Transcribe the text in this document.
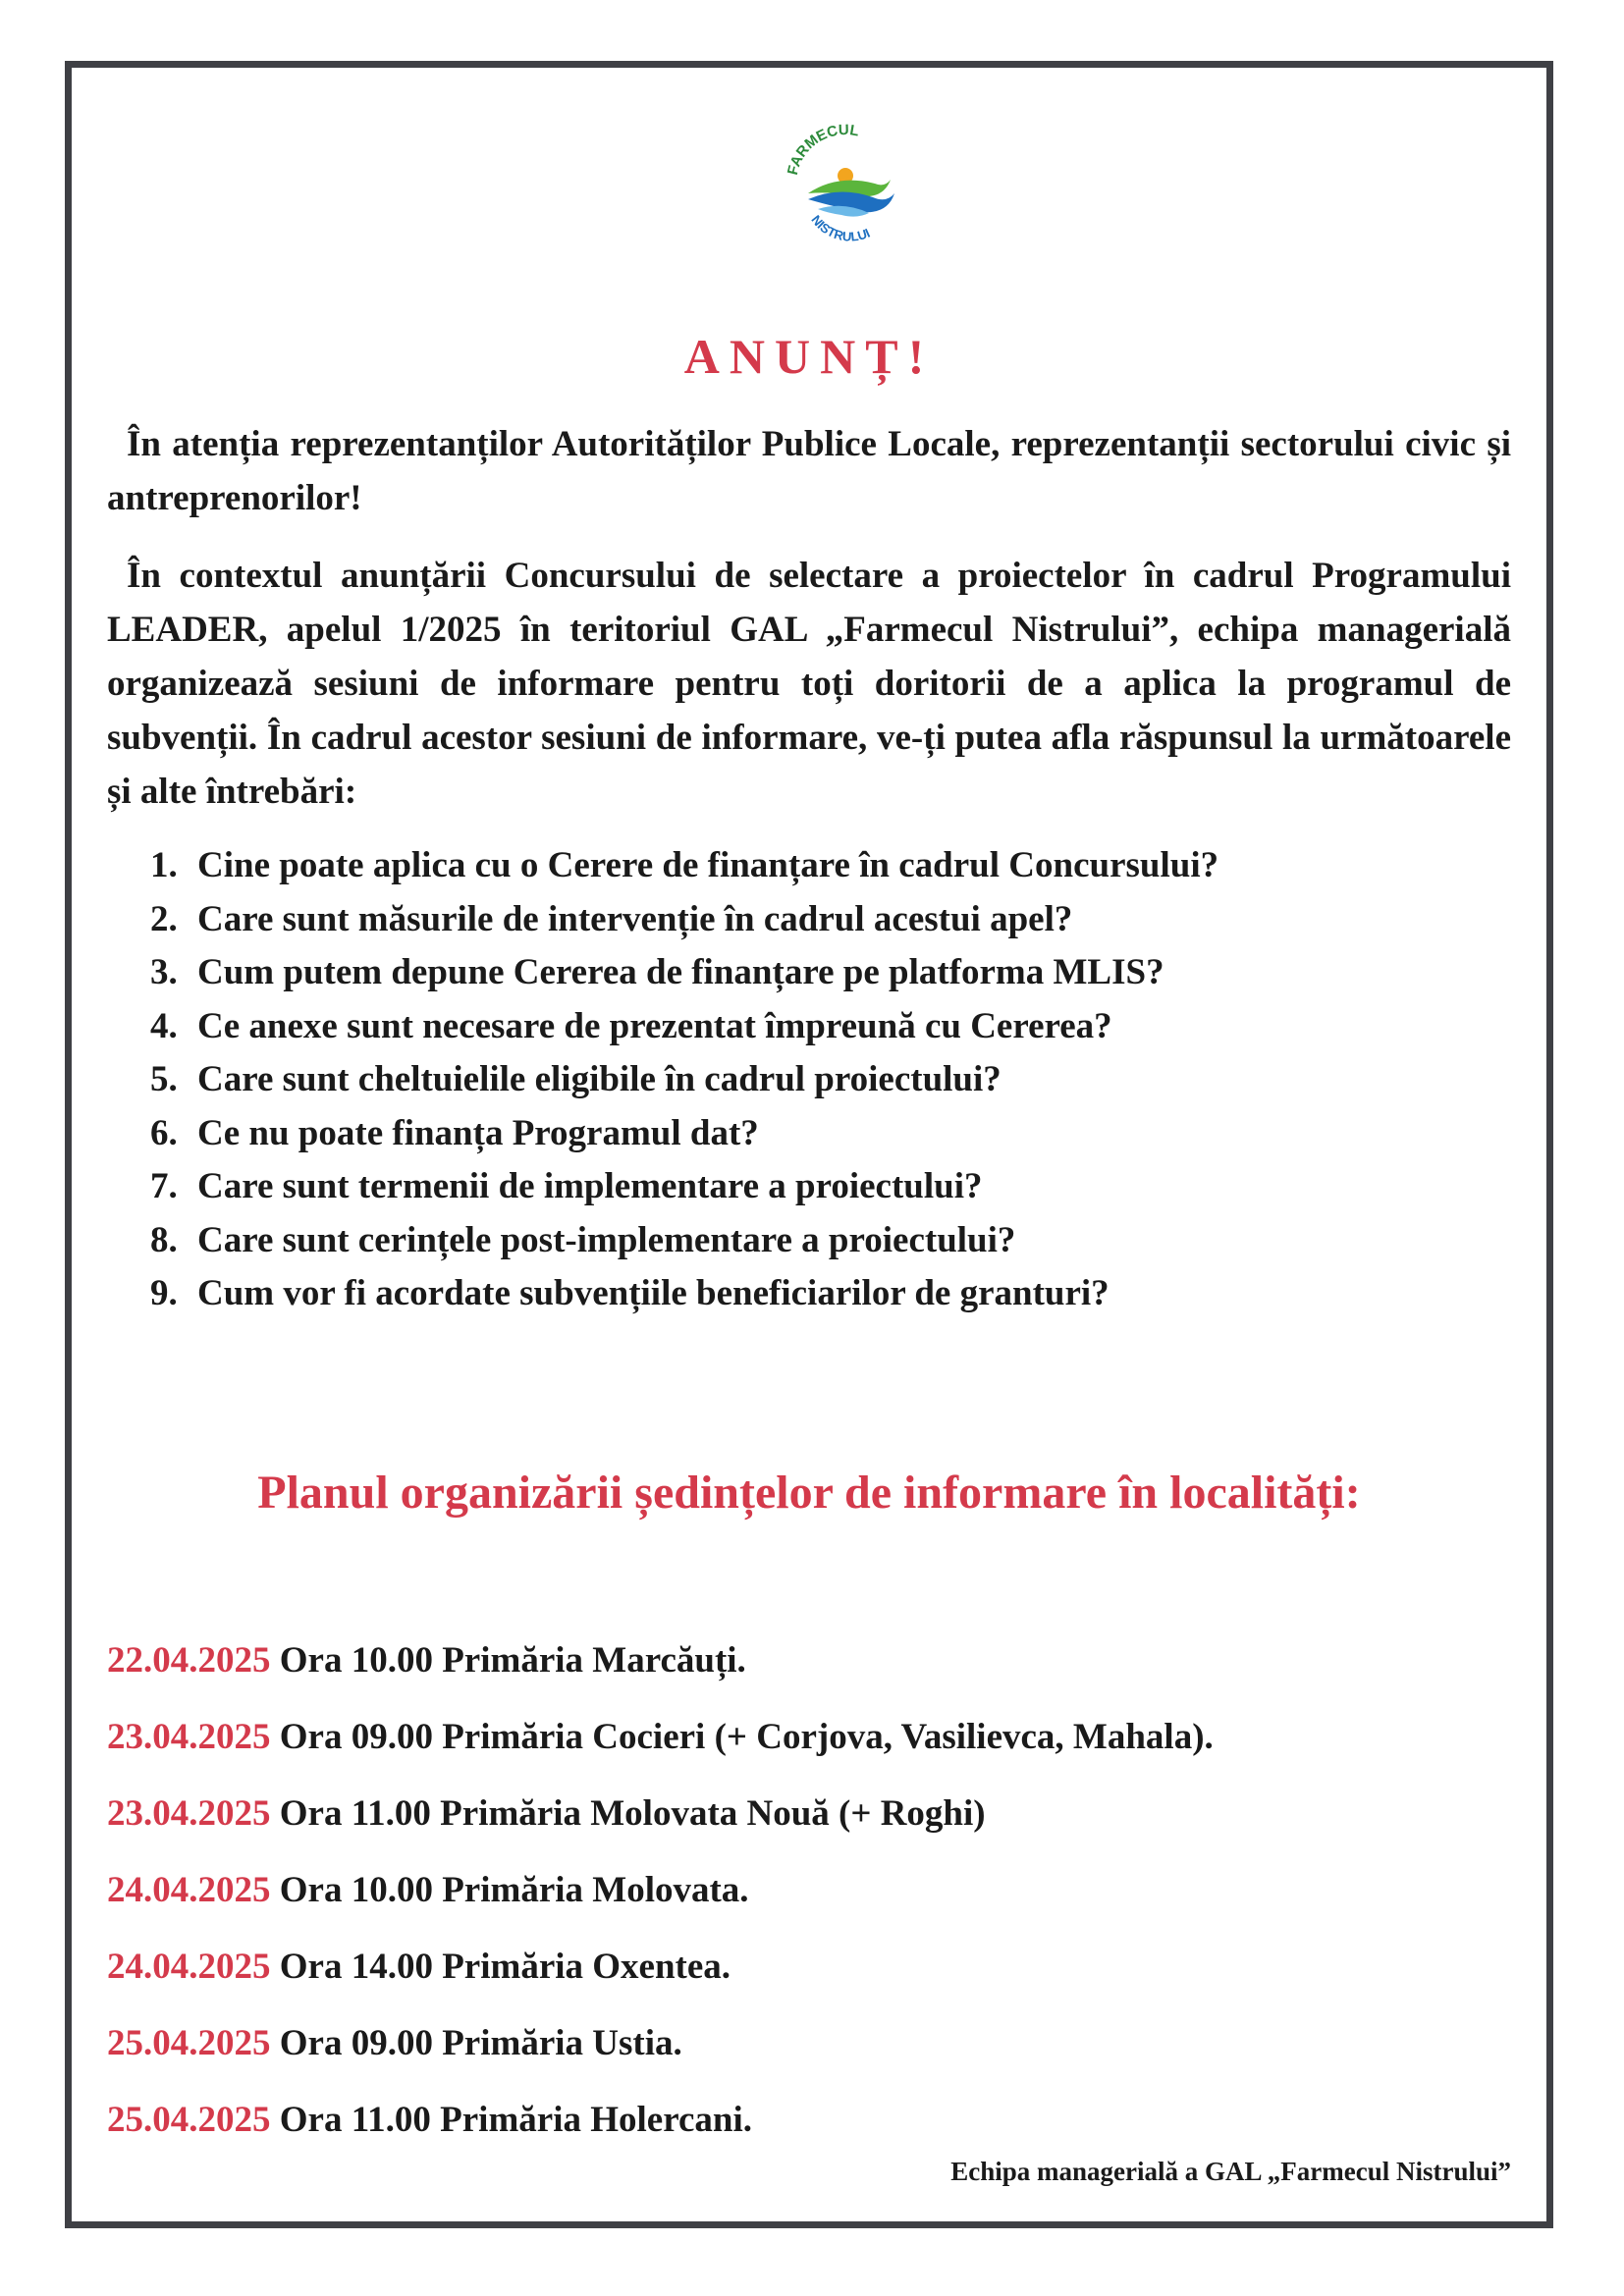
FARMECUL
NISTRULUI
ANUNȚ!
În atenția reprezentanților Autorităților Publice Locale, reprezentanții sectorului civic și antreprenorilor!
În contextul anunțării Concursului de selectare a proiectelor în cadrul Programului LEADER, apelul 1/2025 în teritoriul GAL „Farmecul Nistrului”, echipa managerială organizează sesiuni de informare pentru toți doritorii de a aplica la programul de subvenții. În cadrul acestor sesiuni de informare, ve-ți putea afla răspunsul la următoarele și alte întrebări:
1. Cine poate aplica cu o Cerere de finanțare în cadrul Concursului?
2. Care sunt măsurile de intervenție în cadrul acestui apel?
3. Cum putem depune Cererea de finanțare pe platforma MLIS?
4. Ce anexe sunt necesare de prezentat împreună cu Cererea?
5. Care sunt cheltuielile eligibile în cadrul proiectului?
6. Ce nu poate finanța Programul dat?
7. Care sunt termenii de implementare a proiectului?
8. Care sunt cerințele post-implementare a proiectului?
9. Cum vor fi acordate subvențiile beneficiarilor de granturi?
Planul organizării ședințelor de informare în localități:
22.04.2025 Ora 10.00 Primăria Marcăuți.
23.04.2025 Ora 09.00 Primăria Cocieri (+ Corjova, Vasilievca, Mahala).
23.04.2025 Ora 11.00 Primăria Molovata Nouă (+ Roghi)
24.04.2025 Ora 10.00 Primăria Molovata.
24.04.2025 Ora 14.00 Primăria Oxentea.
25.04.2025 Ora 09.00 Primăria Ustia.
25.04.2025 Ora 11.00 Primăria Holercani.
Echipa managerială a GAL „Farmecul Nistrului”
